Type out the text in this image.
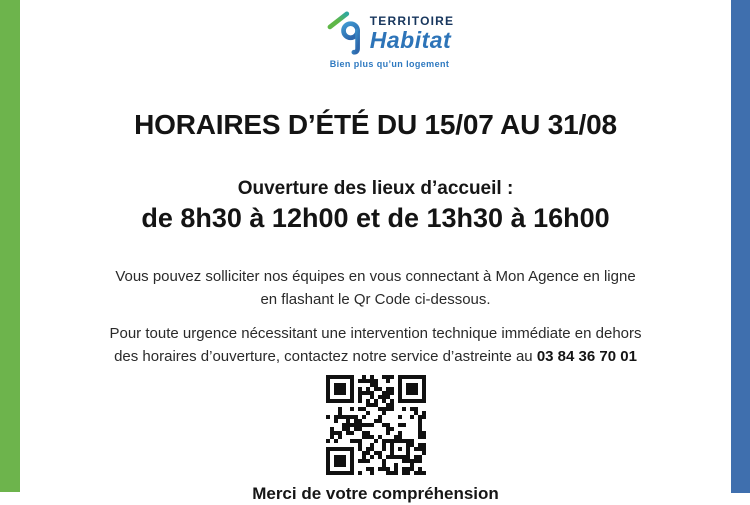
TERRITOIRE
Habitat
Bien plus qu’un logement
HORAIRES D’ÉTÉ DU 15/07 AU 31/08
Ouverture des lieux d’accueil :
de 8h30 à 12h00 et de 13h30 à 16h00
Vous pouvez solliciter nos équipes en vous connectant à Mon Agence en ligne
en flashant le Qr Code ci-dessous.
Pour toute urgence nécessitant une intervention technique immédiate en dehors
des horaires d’ouverture, contactez notre service d’astreinte au 03 84 36 70 01
Merci de votre compréhension
